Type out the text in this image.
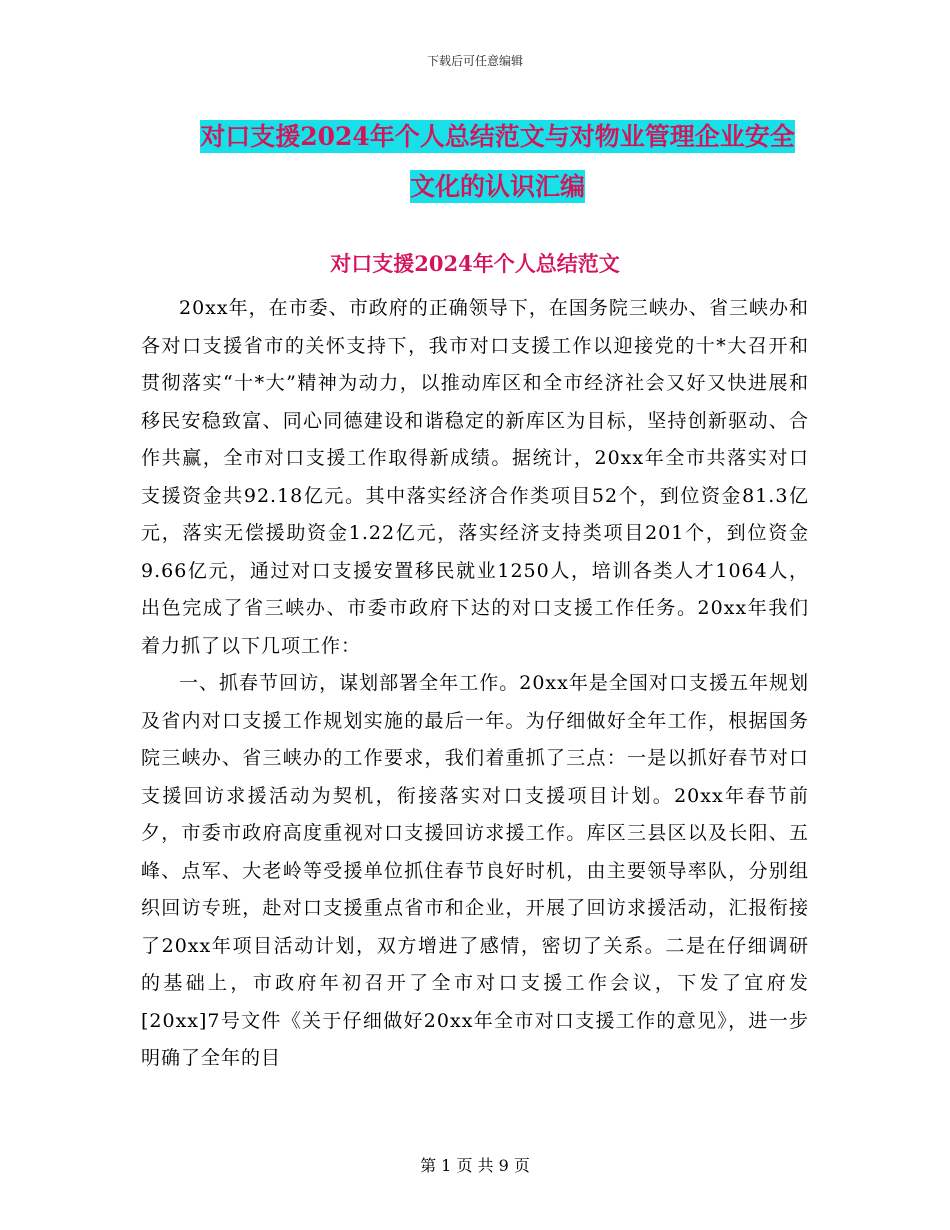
下载后可任意编辑
对口支援2024年个人总结范文与对物业管理企业安全
文化的认识汇编
对口支援2024年个人总结范文

20xx年，在市委、市政府的正确领导下，在国务院三峡办、省三峡办和各对口支援省市的关怀支持下，我市对口支援工作以迎接党的十*大召开和贯彻落实“十*大”精神为动力，以推动库区和全市经济社会又好又快进展和移民安稳致富、同心同德建设和谐稳定的新库区为目标，坚持创新驱动、合作共赢，全市对口支援工作取得新成绩。据统计，20xx年全市共落实对口支援资金共92.18亿元。其中落实经济合作类项目52个，到位资金81.3亿元，落实无偿援助资金1.22亿元，落实经济支持类项目201个，到位资金9.66亿元，通过对口支援安置移民就业1250人，培训各类人才1064人，出色完成了省三峡办、市委市政府下达的对口支援工作任务。20xx年我们着力抓了以下几项工作：

一、抓春节回访，谋划部署全年工作。20xx年是全国对口支援五年规划及省内对口支援工作规划实施的最后一年。为仔细做好全年工作，根据国务院三峡办、省三峡办的工作要求，我们着重抓了三点：一是以抓好春节对口支援回访求援活动为契机，衔接落实对口支援项目计划。20xx年春节前夕，市委市政府高度重视对口支援回访求援工作。库区三县区以及长阳、五峰、点军、大老岭等受援单位抓住春节良好时机，由主要领导率队，分别组织回访专班，赴对口支援重点省市和企业，开展了回访求援活动，汇报衔接了20xx年项目活动计划，双方增进了感情，密切了关系。二是在仔细调研的基础上，市政府年初召开了全市对口支援工作会议，下发了宜府发[20xx]7号文件《关于仔细做好20xx年全市对口支援工作的意见》，进一步明确了全年的目

第 1 页 共 9 页
